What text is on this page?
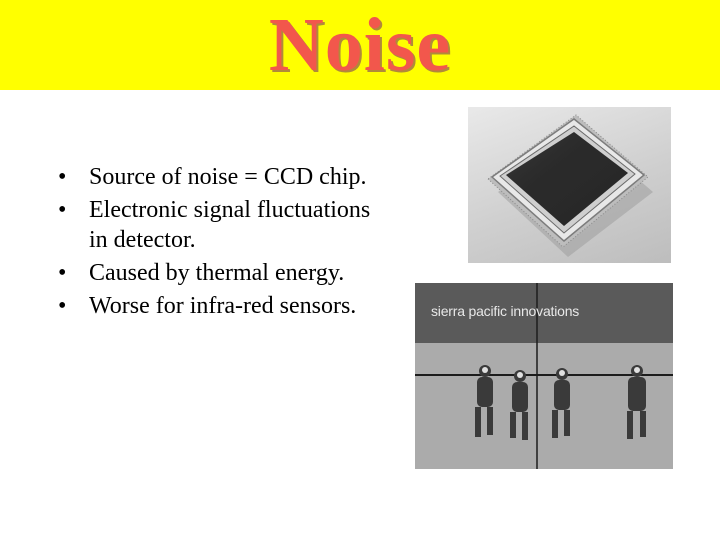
Noise
• Source of noise = CCD chip.
• Electronic signal fluctuations in detector.
• Caused by thermal energy.
• Worse for infra-red sensors.	sierra pacific innovations
